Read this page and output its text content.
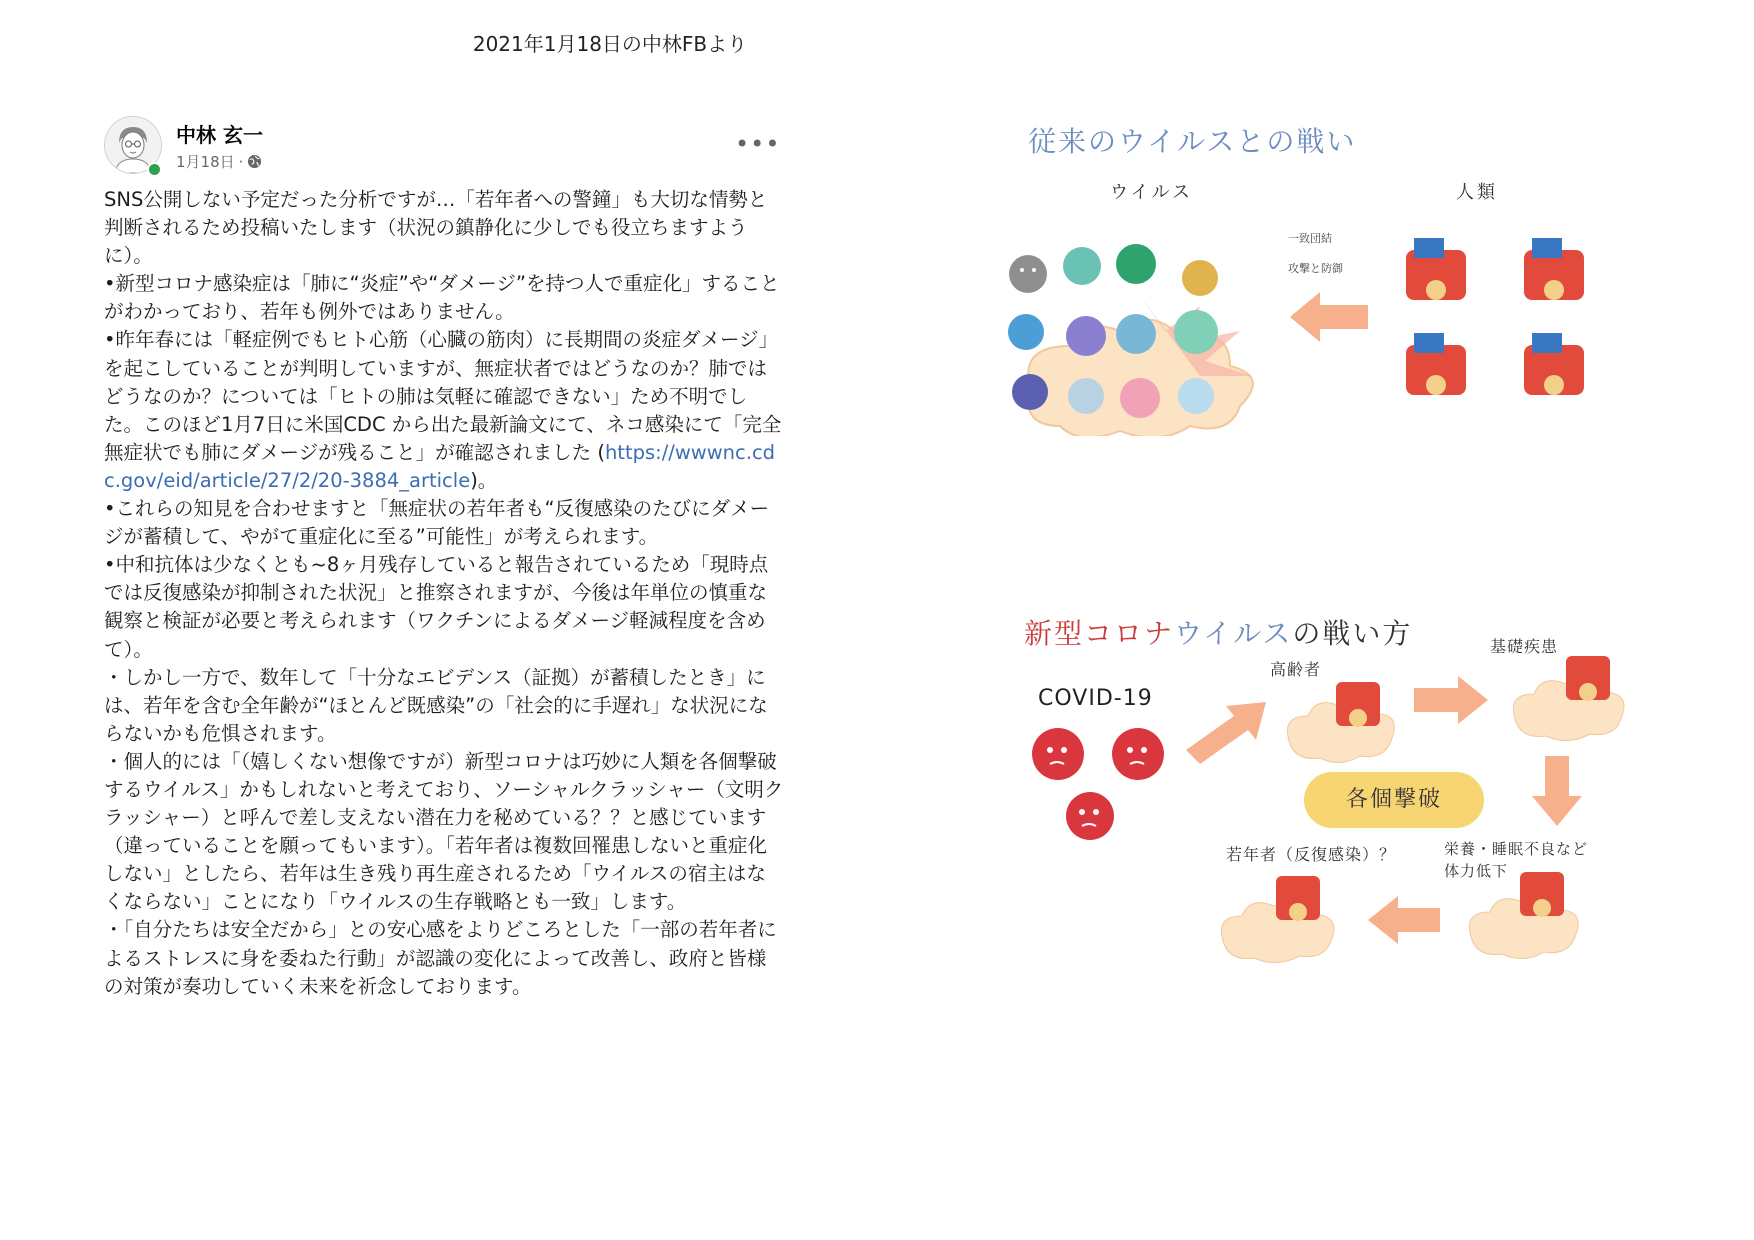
2021年1月18日の中林FBより
中林 玄一
1月18日 ·
•••

SNS公開しない予定だった分析ですが…「若年者への警鐘」も大切な情勢と判断されるため投稿いたします（状況の鎮静化に少しでも役立ちますように）。

•新型コロナ感染症は「肺に“炎症”や“ダメージ”を持つ人で重症化」することがわかっており、若年も例外ではありません。

•昨年春には「軽症例でもヒト心筋（心臓の筋肉）に長期間の炎症ダメージ」を起こしていることが判明していますが、無症状者ではどうなのか？肺ではどうなのか？については「ヒトの肺は気軽に確認できない」ため不明でした。このほど1月7日に米国CDC から出た最新論文にて、ネコ感染にて「完全無症状でも肺にダメージが残ること」が確認されました (https://wwwnc.cdc.gov/eid/article/27/2/20-3884_article)。

•これらの知見を合わせますと「無症状の若年者も“反復感染のたびにダメージが蓄積して、やがて重症化に至る”可能性」が考えられます。

•中和抗体は少なくとも~8ヶ月残存していると報告されているため「現時点では反復感染が抑制された状況」と推察されますが、今後は年単位の慎重な観察と検証が必要と考えられます（ワクチンによるダメージ軽減程度を含めて）。

・しかし一方で、数年して「十分なエビデンス（証拠）が蓄積したとき」には、若年を含む全年齢が“ほとんど既感染”の「社会的に手遅れ」な状況にならないかも危惧されます。

・個人的には「（嬉しくない想像ですが）新型コロナは巧妙に人類を各個撃破するウイルス」かもしれないと考えており、ソーシャルクラッシャー（文明クラッシャー）と呼んで差し支えない潜在力を秘めている？？と感じています（違っていることを願ってもいます）。「若年者は複数回罹患しないと重症化しない」としたら、若年は生き残り再生産されるため「ウイルスの宿主はなくならない」ことになり「ウイルスの生存戦略とも一致」します。

・「自分たちは安全だから」との安心感をよりどころとした「一部の若年者によるストレスに身を委ねた行動」が認識の変化によって改善し、政府と皆様の対策が奏功していく未来を祈念しております。

従来のウイルスとの戦い
ウイルス	人類
一致団結
攻撃と防御
新型コロナウイルスの戦い方
COVID-19
高齢者
基礎疾患
各個撃破
栄養・睡眠不良など
体力低下
若年者（反復感染）？
